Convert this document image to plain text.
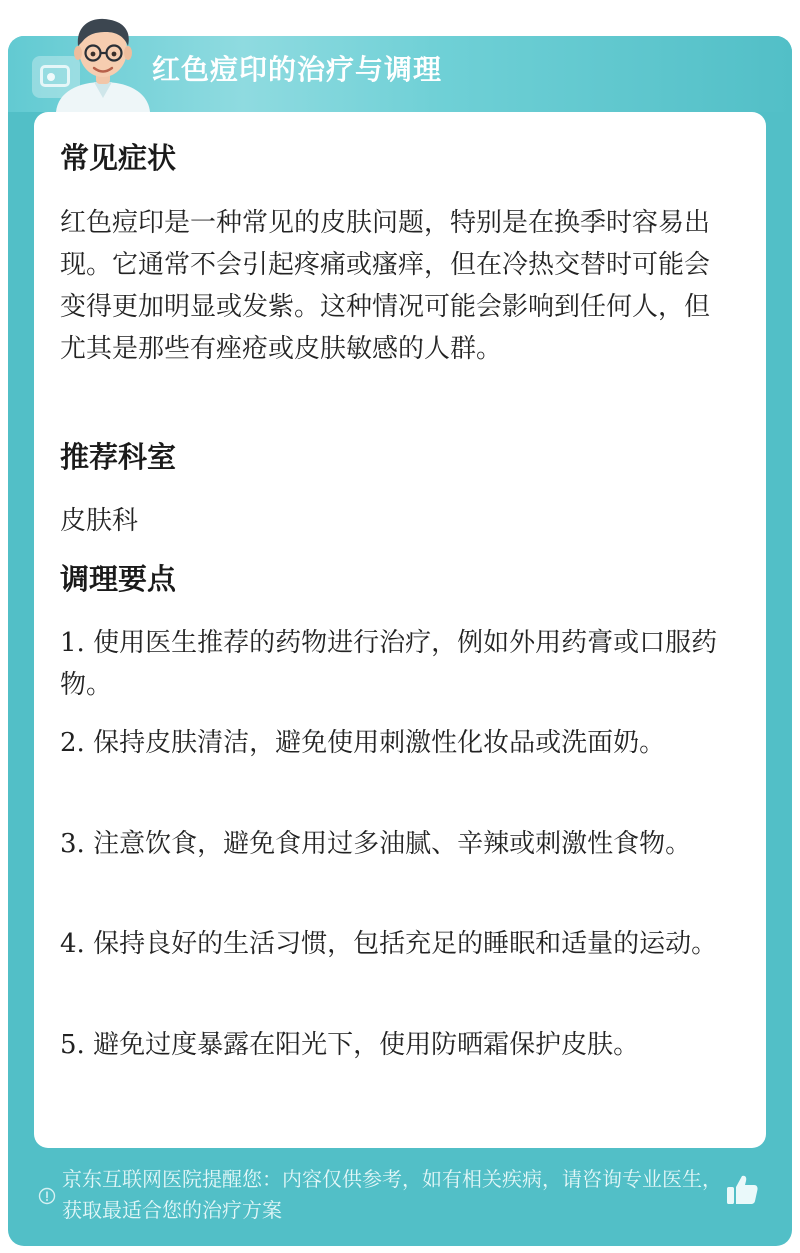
红色痘印的治疗与调理
常见症状

红色痘印是一种常见的皮肤问题，特别是在换季时容易出现。它通常不会引起疼痛或瘙痒，但在冷热交替时可能会变得更加明显或发紫。这种情况可能会影响到任何人，但尤其是那些有痤疮或皮肤敏感的人群。

推荐科室

皮肤科

调理要点

1. 使用医生推荐的药物进行治疗，例如外用药膏或口服药物。

2. 保持皮肤清洁，避免使用刺激性化妆品或洗面奶。

3. 注意饮食，避免食用过多油腻、辛辣或刺激性食物。

4. 保持良好的生活习惯，包括充足的睡眠和适量的运动。

5. 避免过度暴露在阳光下，使用防晒霜保护皮肤。

京东互联网医院提醒您：内容仅供参考，如有相关疾病，请咨询专业医生，获取最适合您的治疗方案
